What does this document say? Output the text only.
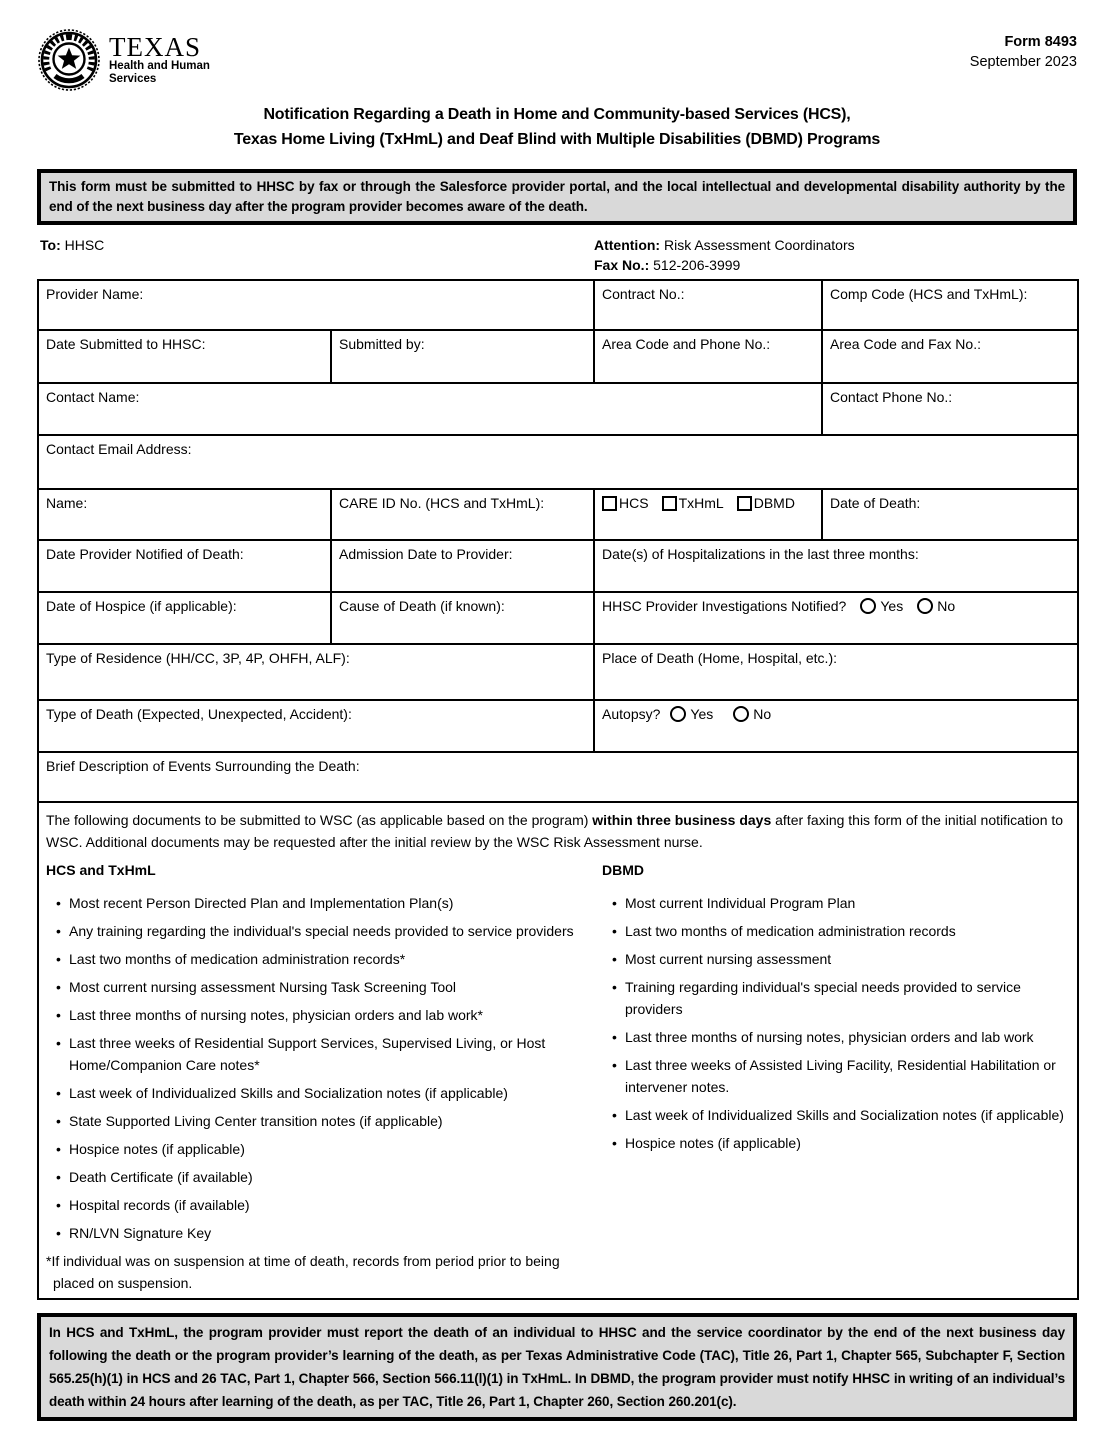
TEXAS
Health and Human
Services
Form 8493
September 2023
Notification Regarding a Death in Home and Community-based Services (HCS),
Texas Home Living (TxHmL) and Deaf Blind with Multiple Disabilities (DBMD) Programs
This form must be submitted to HHSC by fax or through the Salesforce provider portal, and the local intellectual and developmental disability authority by the end of the next business day after the program provider becomes aware of the death.
To: HHSC	Attention: Risk Assessment Coordinators
Fax No.: 512-206-3999
Provider Name:		Contract No.:	Comp Code (HCS and TxHmL):
Date Submitted to HHSC:	Submitted by:	Area Code and Phone No.:	Area Code and Fax No.:
Contact Name:			Contact Phone No.:
Contact Email Address:			
Name:	CARE ID No. (HCS and TxHmL):	HCS TxHmL DBMD	Date of Death:
Date Provider Notified of Death:	Admission Date to Provider:	Date(s) of Hospitalizations in the last three months:	
Date of Hospice (if applicable):	Cause of Death (if known):	HHSC Provider Investigations Notified? Yes No	

Type of Residence (HH/CC, 3P, 4P, OHFH, ALF):		Place of Death (Home, Hospital, etc.):	
Type of Death (Expected, Unexpected, Accident):		Autopsy? Yes No	

Brief Description of Events Surrounding the Death:			

The following documents to be submitted to WSC (as applicable based on the program) within three business days after faxing this form of the initial notification to WSC. Additional documents may be requested after the initial review by the WSC Risk Assessment nurse.
HCS and TxHmL
• Most recent Person Directed Plan and Implementation Plan(s)
• Any training regarding the individual's special needs provided to service providers
• Last two months of medication administration records*
• Most current nursing assessment Nursing Task Screening Tool
• Last three months of nursing notes, physician orders and lab work*
• Last three weeks of Residential Support Services, Supervised Living, or Host Home/Companion Care notes*
• Last week of Individualized Skills and Socialization notes (if applicable)
• State Supported Living Center transition notes (if applicable)
• Hospice notes (if applicable)
• Death Certificate (if available)
• Hospital records (if available)
• RN/LVN Signature Key
*If individual was on suspension at time of death, records from period prior to being placed on suspension.
DBMD
• Most current Individual Program Plan
• Last two months of medication administration records
• Most current nursing assessment
• Training regarding individual's special needs provided to service providers
• Last three months of nursing notes, physician orders and lab work
• Last three weeks of Assisted Living Facility, Residential Habilitation or intervener notes.
• Last week of Individualized Skills and Socialization notes (if applicable)
• Hospice notes (if applicable)
In HCS and TxHmL, the program provider must report the death of an individual to HHSC and the service coordinator by the end of the next business day following the death or the program provider’s learning of the death, as per Texas Administrative Code (TAC), Title 26, Part 1, Chapter 565, Subchapter F, Section 565.25(h)(1) in HCS and 26 TAC, Part 1, Chapter 566, Section 566.11(l)(1) in TxHmL. In DBMD, the program provider must notify HHSC in writing of an individual’s death within 24 hours after learning of the death, as per TAC, Title 26, Part 1, Chapter 260, Section 260.201(c).
